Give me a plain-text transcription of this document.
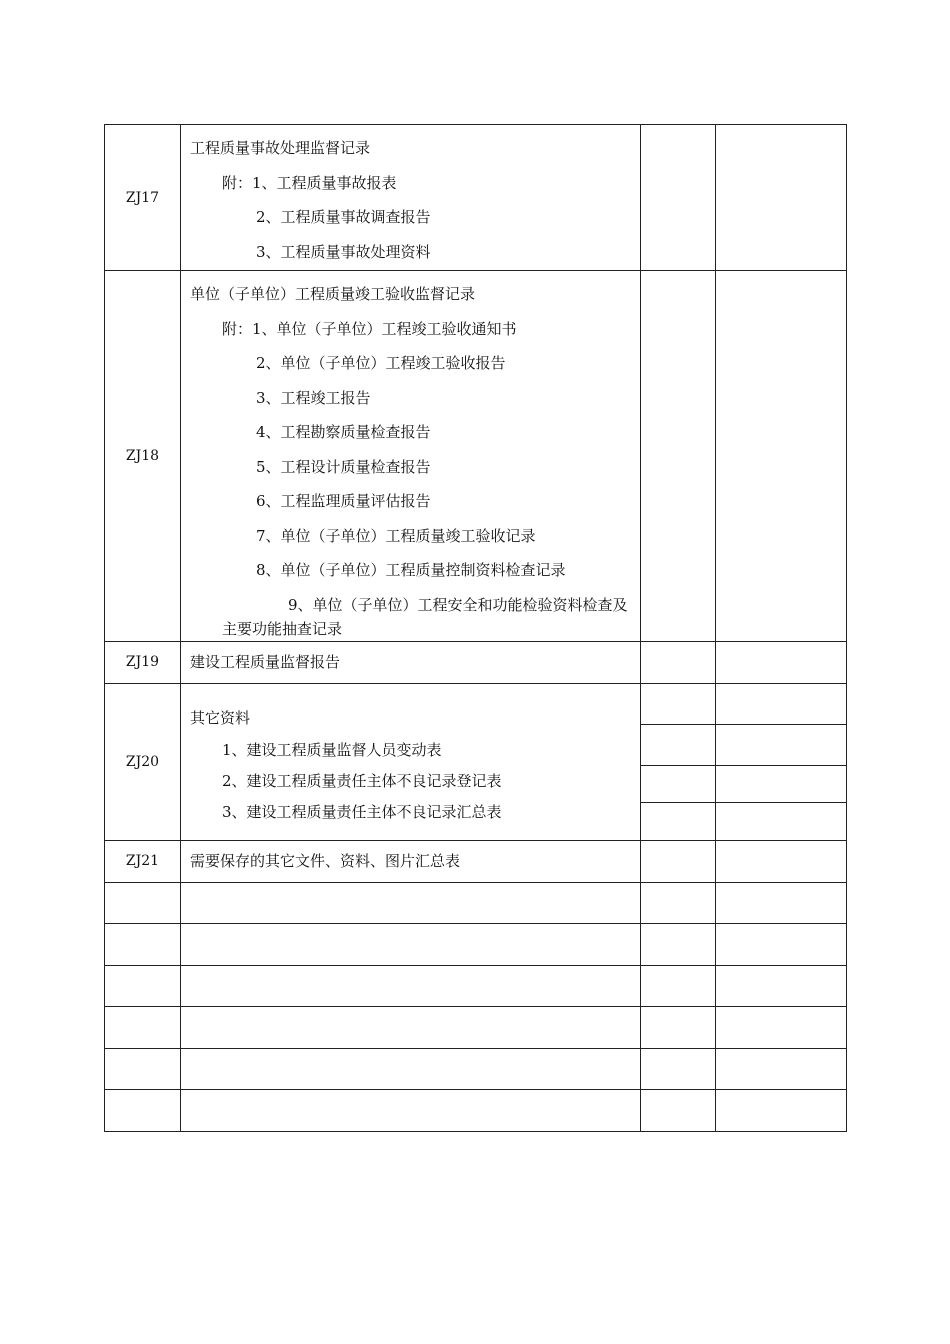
ZJ17	
工程质量事故处理监督记录
附：1、工程质量事故报表
2、工程质量事故调查报告
3、工程质量事故处理资料

ZJ18	
单位（子单位）工程质量竣工验收监督记录
附：1、单位（子单位）工程竣工验收通知书
2、单位（子单位）工程竣工验收报告
3、工程竣工报告
4、工程勘察质量检查报告
5、工程设计质量检查报告
6、工程监理质量评估报告
7、单位（子单位）工程质量竣工验收记录
8、单位（子单位）工程质量控制资料检查记录
9、单位（子单位）工程安全和功能检验资料检查及主要功能抽查记录

ZJ19	建设工程质量监督报告

ZJ20	
其它资料
1、建设工程质量监督人员变动表
2、建设工程质量责任主体不良记录登记表
3、建设工程质量责任主体不良记录汇总表

ZJ21	需要保存的其它文件、资料、图片汇总表
